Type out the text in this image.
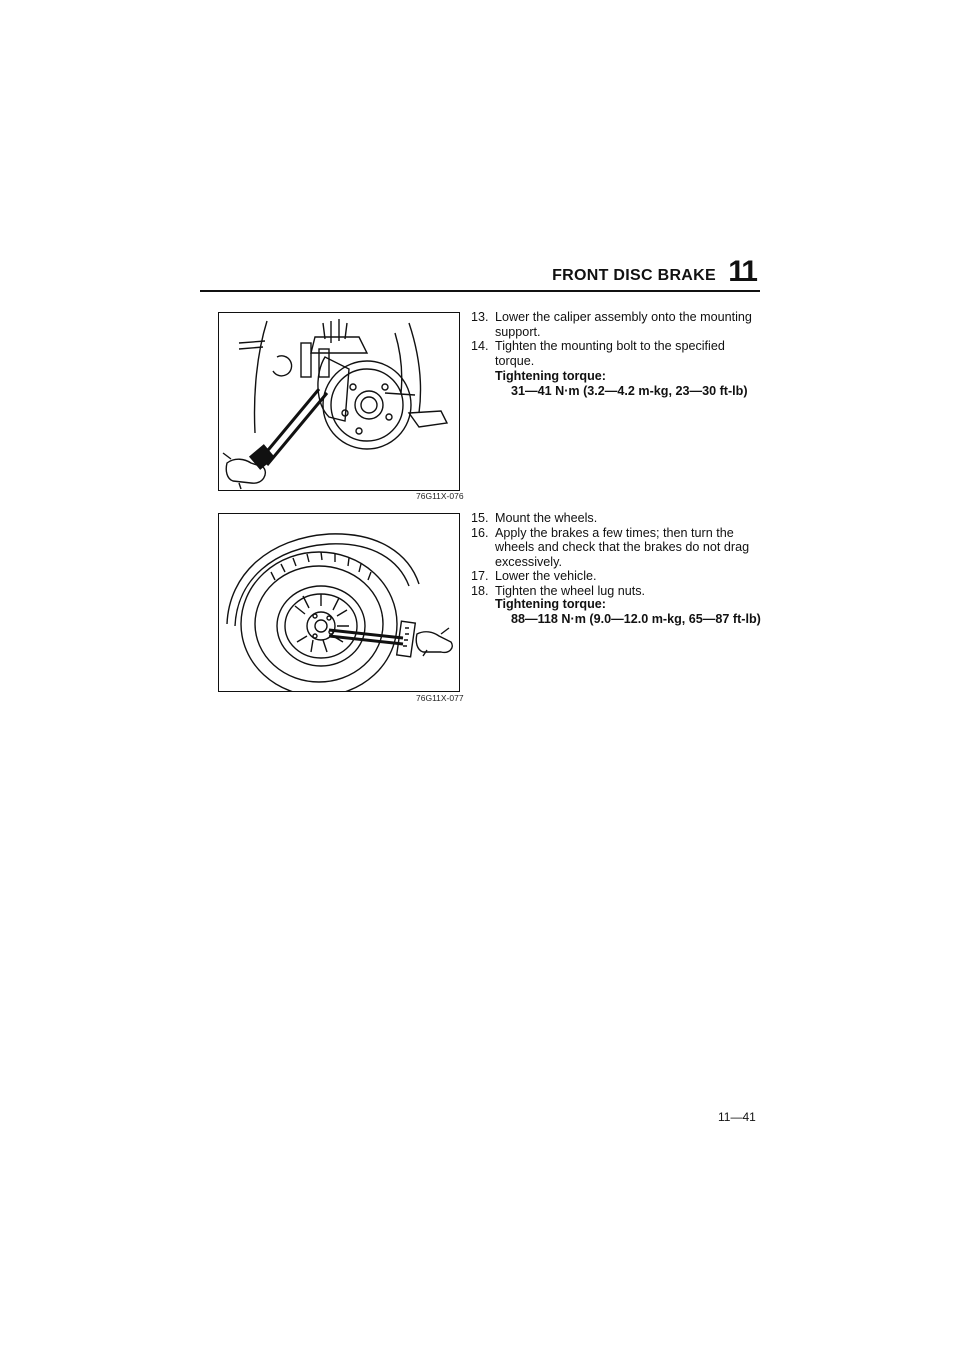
FRONT DISC BRAKE 11
76G11X-076
76G11X-077
13. Lower the caliper assembly onto the mounting support.
14. Tighten the mounting bolt to the specified torque.
Tightening torque:
31—41 N·m (3.2—4.2 m-kg, 23—30 ft-lb)
15. Mount the wheels.
16. Apply the brakes a few times; then turn the wheels and check that the brakes do not drag excessively.
17. Lower the vehicle.
18. Tighten the wheel lug nuts.
Tightening torque:
88—118 N·m (9.0—12.0 m-kg, 65—87 ft-lb)
11—41
